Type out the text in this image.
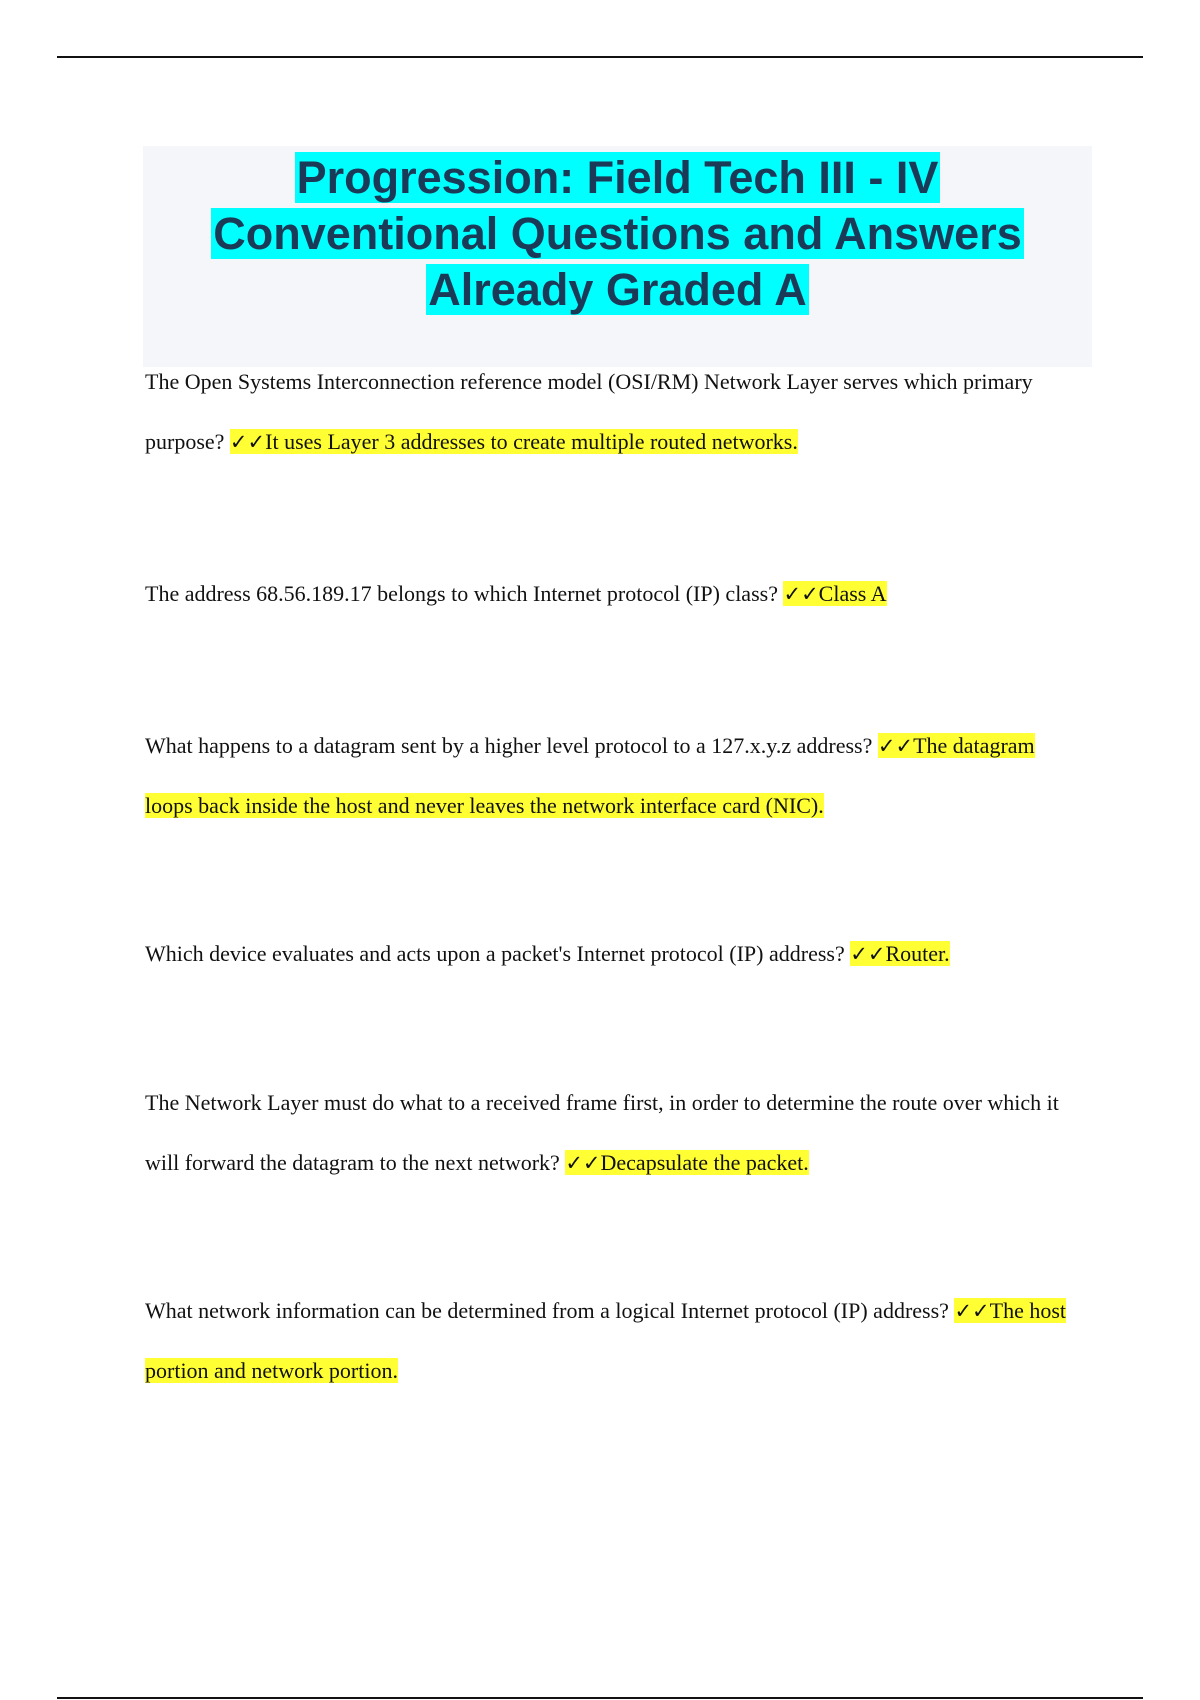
Progression: Field Tech III - IV
Conventional Questions and Answers
Already Graded A

The Open Systems Interconnection reference model (OSI/RM) Network Layer serves which primary purpose? ✓✓It uses Layer 3 addresses to create multiple routed networks.

The address 68.56.189.17 belongs to which Internet protocol (IP) class? ✓✓Class A

What happens to a datagram sent by a higher level protocol to a 127.x.y.z address? ✓✓The datagram loops back inside the host and never leaves the network interface card (NIC).

Which device evaluates and acts upon a packet's Internet protocol (IP) address? ✓✓Router.

The Network Layer must do what to a received frame first, in order to determine the route over which it will forward the datagram to the next network? ✓✓Decapsulate the packet.

What network information can be determined from a logical Internet protocol (IP) address? ✓✓The host portion and network portion.
